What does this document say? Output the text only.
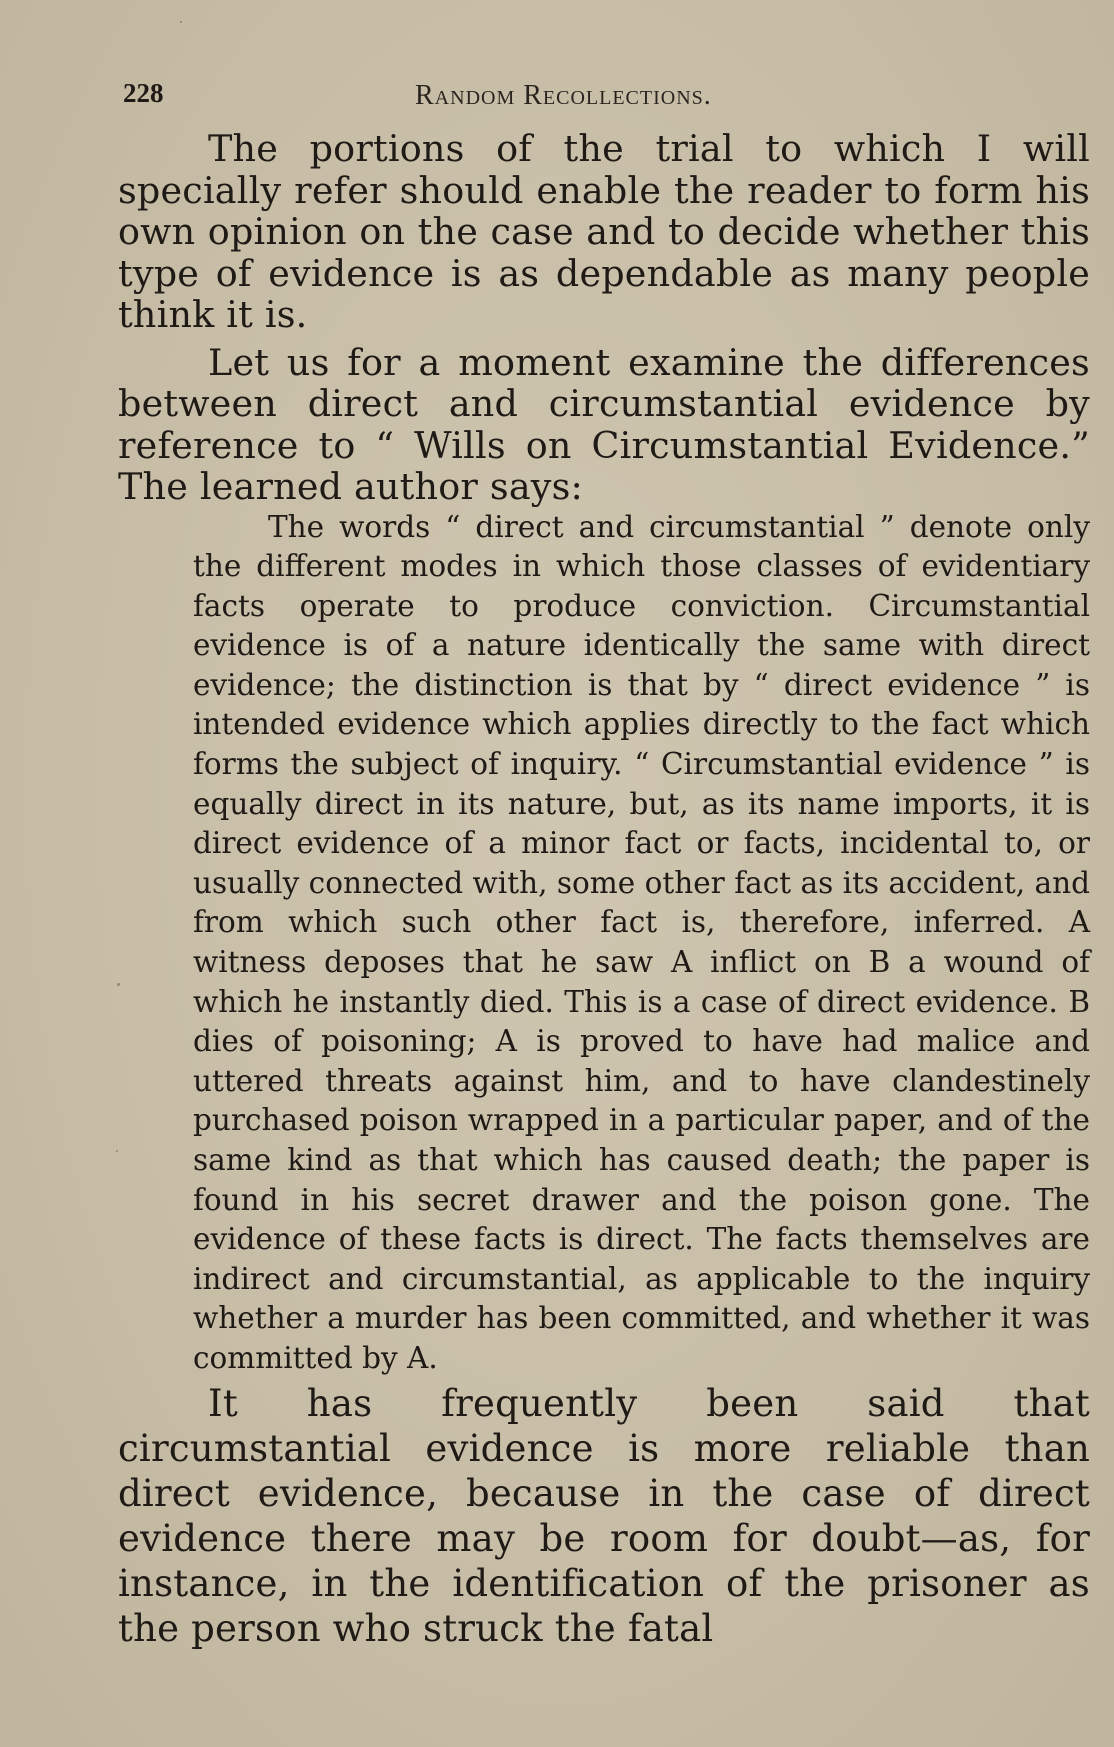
228	Random Recollections.

The portions of the trial to which I will specially refer should enable the reader to form his own opinion on the case and to decide whether this type of evidence is as dependable as many people think it is.

Let us for a moment examine the differences between direct and circumstantial evidence by reference to “ Wills on Circumstantial Evidence.” The learned author says:

The words “ direct and circumstantial ” denote only the different modes in which those classes of evidentiary facts operate to produce conviction. Circumstantial evidence is of a nature identically the same with direct evidence; the distinction is that by “ direct evidence ” is intended evidence which applies directly to the fact which forms the subject of inquiry. “ Circumstantial evidence ” is equally direct in its nature, but, as its name imports, it is direct evidence of a minor fact or facts, incidental to, or usually connected with, some other fact as its accident, and from which such other fact is, therefore, inferred. A witness deposes that he saw A inflict on B a wound of which he instantly died. This is a case of direct evidence. B dies of poisoning; A is proved to have had malice and uttered threats against him, and to have clandestinely purchased poison wrapped in a particular paper, and of the same kind as that which has caused death; the paper is found in his secret drawer and the poison gone. The evidence of these facts is direct. The facts themselves are indirect and circumstantial, as applicable to the inquiry whether a murder has been committed, and whether it was committed by A.

It has frequently been said that circumstantial evidence is more reliable than direct evidence, because in the case of direct evidence there may be room for doubt—as, for instance, in the identification of the prisoner as the person who struck the fatal
